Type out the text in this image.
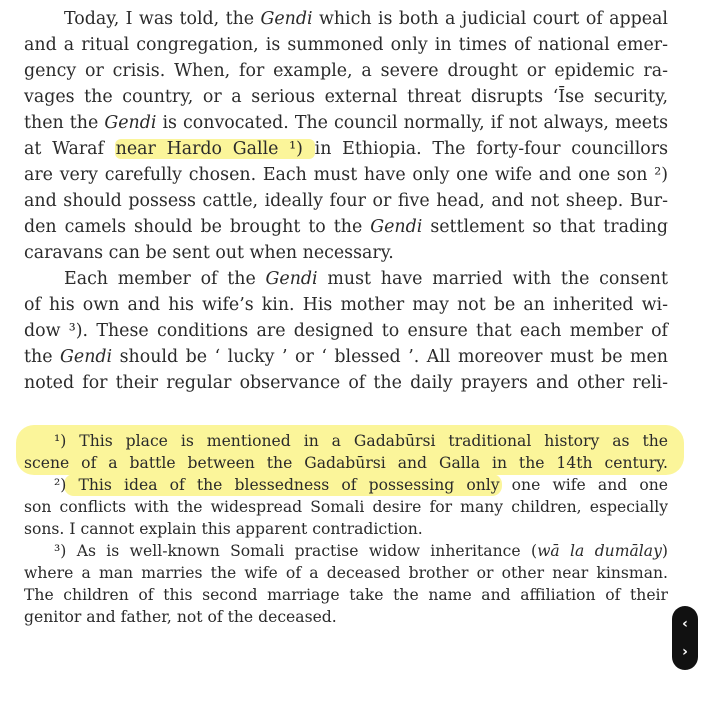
Today, I was told, the Gendi which is both a judicial court of appeal
and a ritual congregation, is summoned only in times of national emer-
gency or crisis. When, for example, a severe drought or epidemic ra-
vages the country, or a serious external threat disrupts ‘Īse security,
then the Gendi is convocated. The council normally, if not always, meets
at Waraf near Hardo Galle ¹) in Ethiopia. The forty-four councillors
are very carefully chosen. Each must have only one wife and one son ²)
and should possess cattle, ideally four or five head, and not sheep. Bur-
den camels should be brought to the Gendi settlement so that trading
caravans can be sent out when necessary.
Each member of the Gendi must have married with the consent
of his own and his wife’s kin. His mother may not be an inherited wi-
dow ³). These conditions are designed to ensure that each member of
the Gendi should be ‘ lucky ’ or ‘ blessed ’. All moreover must be men
noted for their regular observance of the daily prayers and other reli-
¹) This place is mentioned in a Gadabūrsi traditional history as the
scene of a battle between the Gadabūrsi and Galla in the 14th century.
²) This idea of the blessedness of possessing only one wife and one
son conflicts with the widespread Somali desire for many children, especially
sons. I cannot explain this apparent contradiction.
³) As is well-known Somali practise widow inheritance (wā la dumālay)
where a man marries the wife of a deceased brother or other near kinsman.
The children of this second marriage take the name and affiliation of their
genitor and father, not of the deceased.	‹
›
